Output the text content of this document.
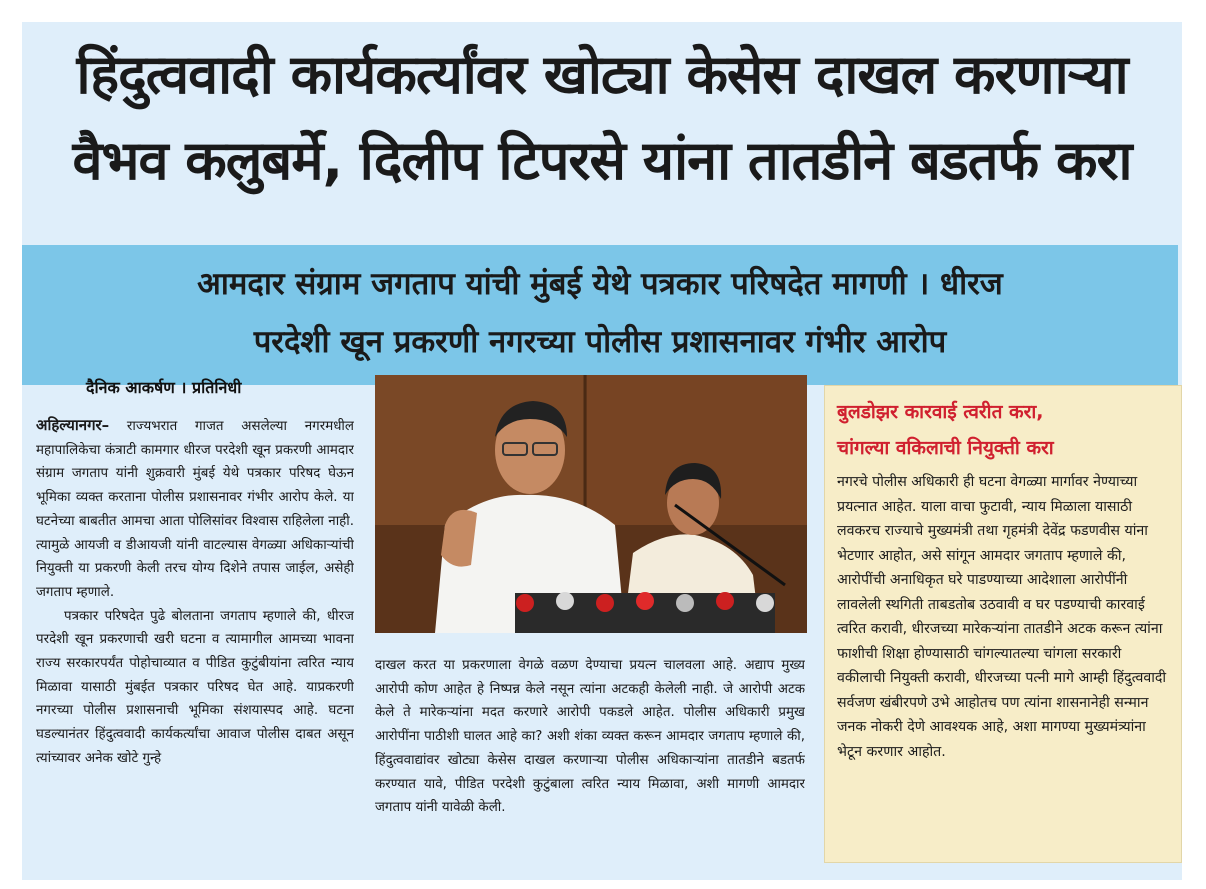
हिंदुत्ववादी कार्यकर्त्यांवर खोट्या केसेस दाखल करणाऱ्या
वैभव कलुबर्मे, दिलीप टिपरसे यांना तातडीने बडतर्फ करा
आमदार संग्राम जगताप यांची मुंबई येथे पत्रकार परिषदेत मागणी । धीरज
परदेशी खून प्रकरणी नगरच्या पोलीस प्रशासनावर गंभीर आरोप
दैनिक आकर्षण । प्रतिनिधी

अहिल्यानगर– राज्यभरात गाजत असलेल्या नगरमधील महापालिकेचा कंत्राटी कामगार धीरज परदेशी खून प्रकरणी आमदार संग्राम जगताप यांनी शुक्रवारी मुंबई येथे पत्रकार परिषद घेऊन भूमिका व्यक्त करताना पोलीस प्रशासनावर गंभीर आरोप केले. या घटनेच्या बाबतीत आमचा आता पोलिसांवर विश्‍वास राहिलेला नाही. त्यामुळे आयजी व डीआयजी यांनी वाटल्यास वेगळ्या अधिकाऱ्यांची नियुक्ती या प्रकरणी केली तरच योग्य दिशेने तपास जाईल, असेही जगताप म्हणाले.

पत्रकार परिषदेत पुढे बोलताना जगताप म्हणाले की, धीरज परदेशी खून प्रकरणाची खरी घटना व त्यामागील आमच्या भावना राज्य सरकारपर्यंत पोहोचाव्यात व पीडित कुटुंबीयांना त्वरित न्याय मिळावा यासाठी मुंबईत पत्रकार परिषद घेत आहे. याप्रकरणी नगरच्या पोलीस प्रशासनाची भूमिका संशयास्पद आहे. घटना घडल्यानंतर हिंदुत्ववादी कार्यकर्त्यांचा आवाज पोलीस दाबत असून त्यांच्यावर अनेक खोटे गुन्हे

दाखल करत या प्रकरणाला वेगळे वळण देण्याचा प्रयत्न चालवला आहे. अद्याप मुख्य आरोपी कोण आहेत हे निष्पन्न केले नसून त्यांना अटकही केलेली नाही. जे आरोपी अटक केले ते मारेकऱ्यांना मदत करणारे आरोपी पकडले आहेत. पोलीस अधिकारी प्रमुख आरोपींना पाठीशी घालत आहे का? अशी शंका व्यक्त करून आमदार जगताप म्हणाले की, हिंदुत्ववाद्यांवर खोट्या केसेस दाखल करणाऱ्या पोलीस अधिकाऱ्यांना तातडीने बडतर्फ करण्यात यावे, पीडित परदेशी कुटुंबाला त्वरित न्याय मिळावा, अशी मागणी आमदार जगताप यांनी यावेळी केली.
बुलडोझर कारवाई त्वरीत करा,
चांगल्या वकिलाची नियुक्ती करा
नगरचे पोलीस अधिकारी ही घटना वेगळ्या मार्गावर नेण्याच्या प्रयत्नात आहेत. याला वाचा फुटावी, न्याय मिळाला यासाठी लवकरच राज्याचे मुख्यमंत्री तथा गृहमंत्री देवेंद्र फडणवीस यांना भेटणार आहोत, असे सांगून आमदार जगताप म्हणाले की, आरोपींची अनाधिकृत घरे पाडण्याच्या आदेशाला आरोपींनी लावलेली स्थगिती ताबडतोब उठवावी व घर पडण्याची कारवाई त्वरित करावी, धीरजच्या मारेकऱ्यांना तातडीने अटक करून त्यांना फाशीची शिक्षा होण्यासाठी चांगल्यातल्या चांगला सरकारी वकीलाची नियुक्ती करावी, धीरजच्या पत्नी मागे आम्ही हिंदुत्ववादी सर्वजण खंबीरपणे उभे आहोतच पण त्यांना शासनानेही सन्मान जनक नोकरी देणे आवश्यक आहे, अशा मागण्या मुख्यमंत्र्यांना भेटून करणार आहोत.
